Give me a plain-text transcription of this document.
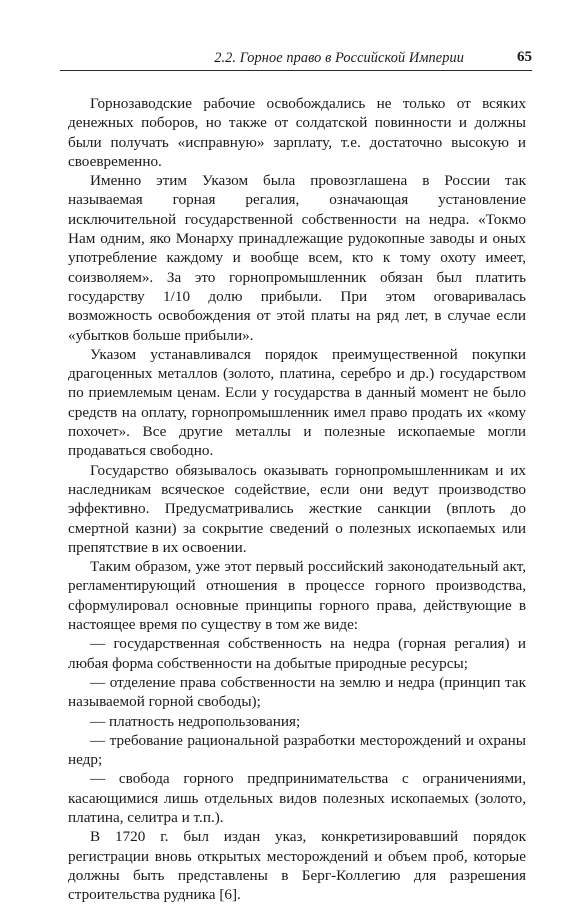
2.2. Горное право в Российской Империи	65

Горнозаводские рабочие освобождались не только от всяких денежных поборов, но также от солдатской повинности и должны были получать «исправную» зарплату, т.е. достаточно высокую и своевременно.

Именно этим Указом была провозглашена в России так называемая горная регалия, означающая установление исключительной государственной собственности на недра. «Токмо Нам одним, яко Монарху принадлежащие рудокопные заводы и оных употребление каждому и вообще всем, кто к тому охоту имеет, соизволяем». За это горнопромышленник обязан был платить государству 1/10 долю прибыли. При этом оговаривалась возможность освобождения от этой платы на ряд лет, в случае если «убытков больше прибыли».

Указом устанавливался порядок преимущественной покупки драгоценных металлов (золото, платина, серебро и др.) государством по приемлемым ценам. Если у государства в данный момент не было средств на оплату, горнопромышленник имел право продать их «кому похочет». Все другие металлы и полезные ископаемые могли продаваться свободно.

Государство обязывалось оказывать горнопромышленникам и их наследникам всяческое содействие, если они ведут производство эффективно. Предусматривались жесткие санкции (вплоть до смертной казни) за сокрытие сведений о полезных ископаемых или препятствие в их освоении.

Таким образом, уже этот первый российский законодательный акт, регламентирующий отношения в процессе горного производства, сформулировал основные принципы горного права, действующие в настоящее время по существу в том же виде:

— государственная собственность на недра (горная регалия) и любая форма собственности на добытые природные ресурсы;

— отделение права собственности на землю и недра (принцип так называемой горной свободы);

— платность недропользования;

— требование рациональной разработки месторождений и охраны недр;

— свобода горного предпринимательства с ограничениями, касающимися лишь отдельных видов полезных ископаемых (золото, платина, селитра и т.п.).

В 1720 г. был издан указ, конкретизировавший порядок регистрации вновь открытых месторождений и объем проб, которые должны быть представлены в Берг-Коллегию для разрешения строительства рудника [6].
